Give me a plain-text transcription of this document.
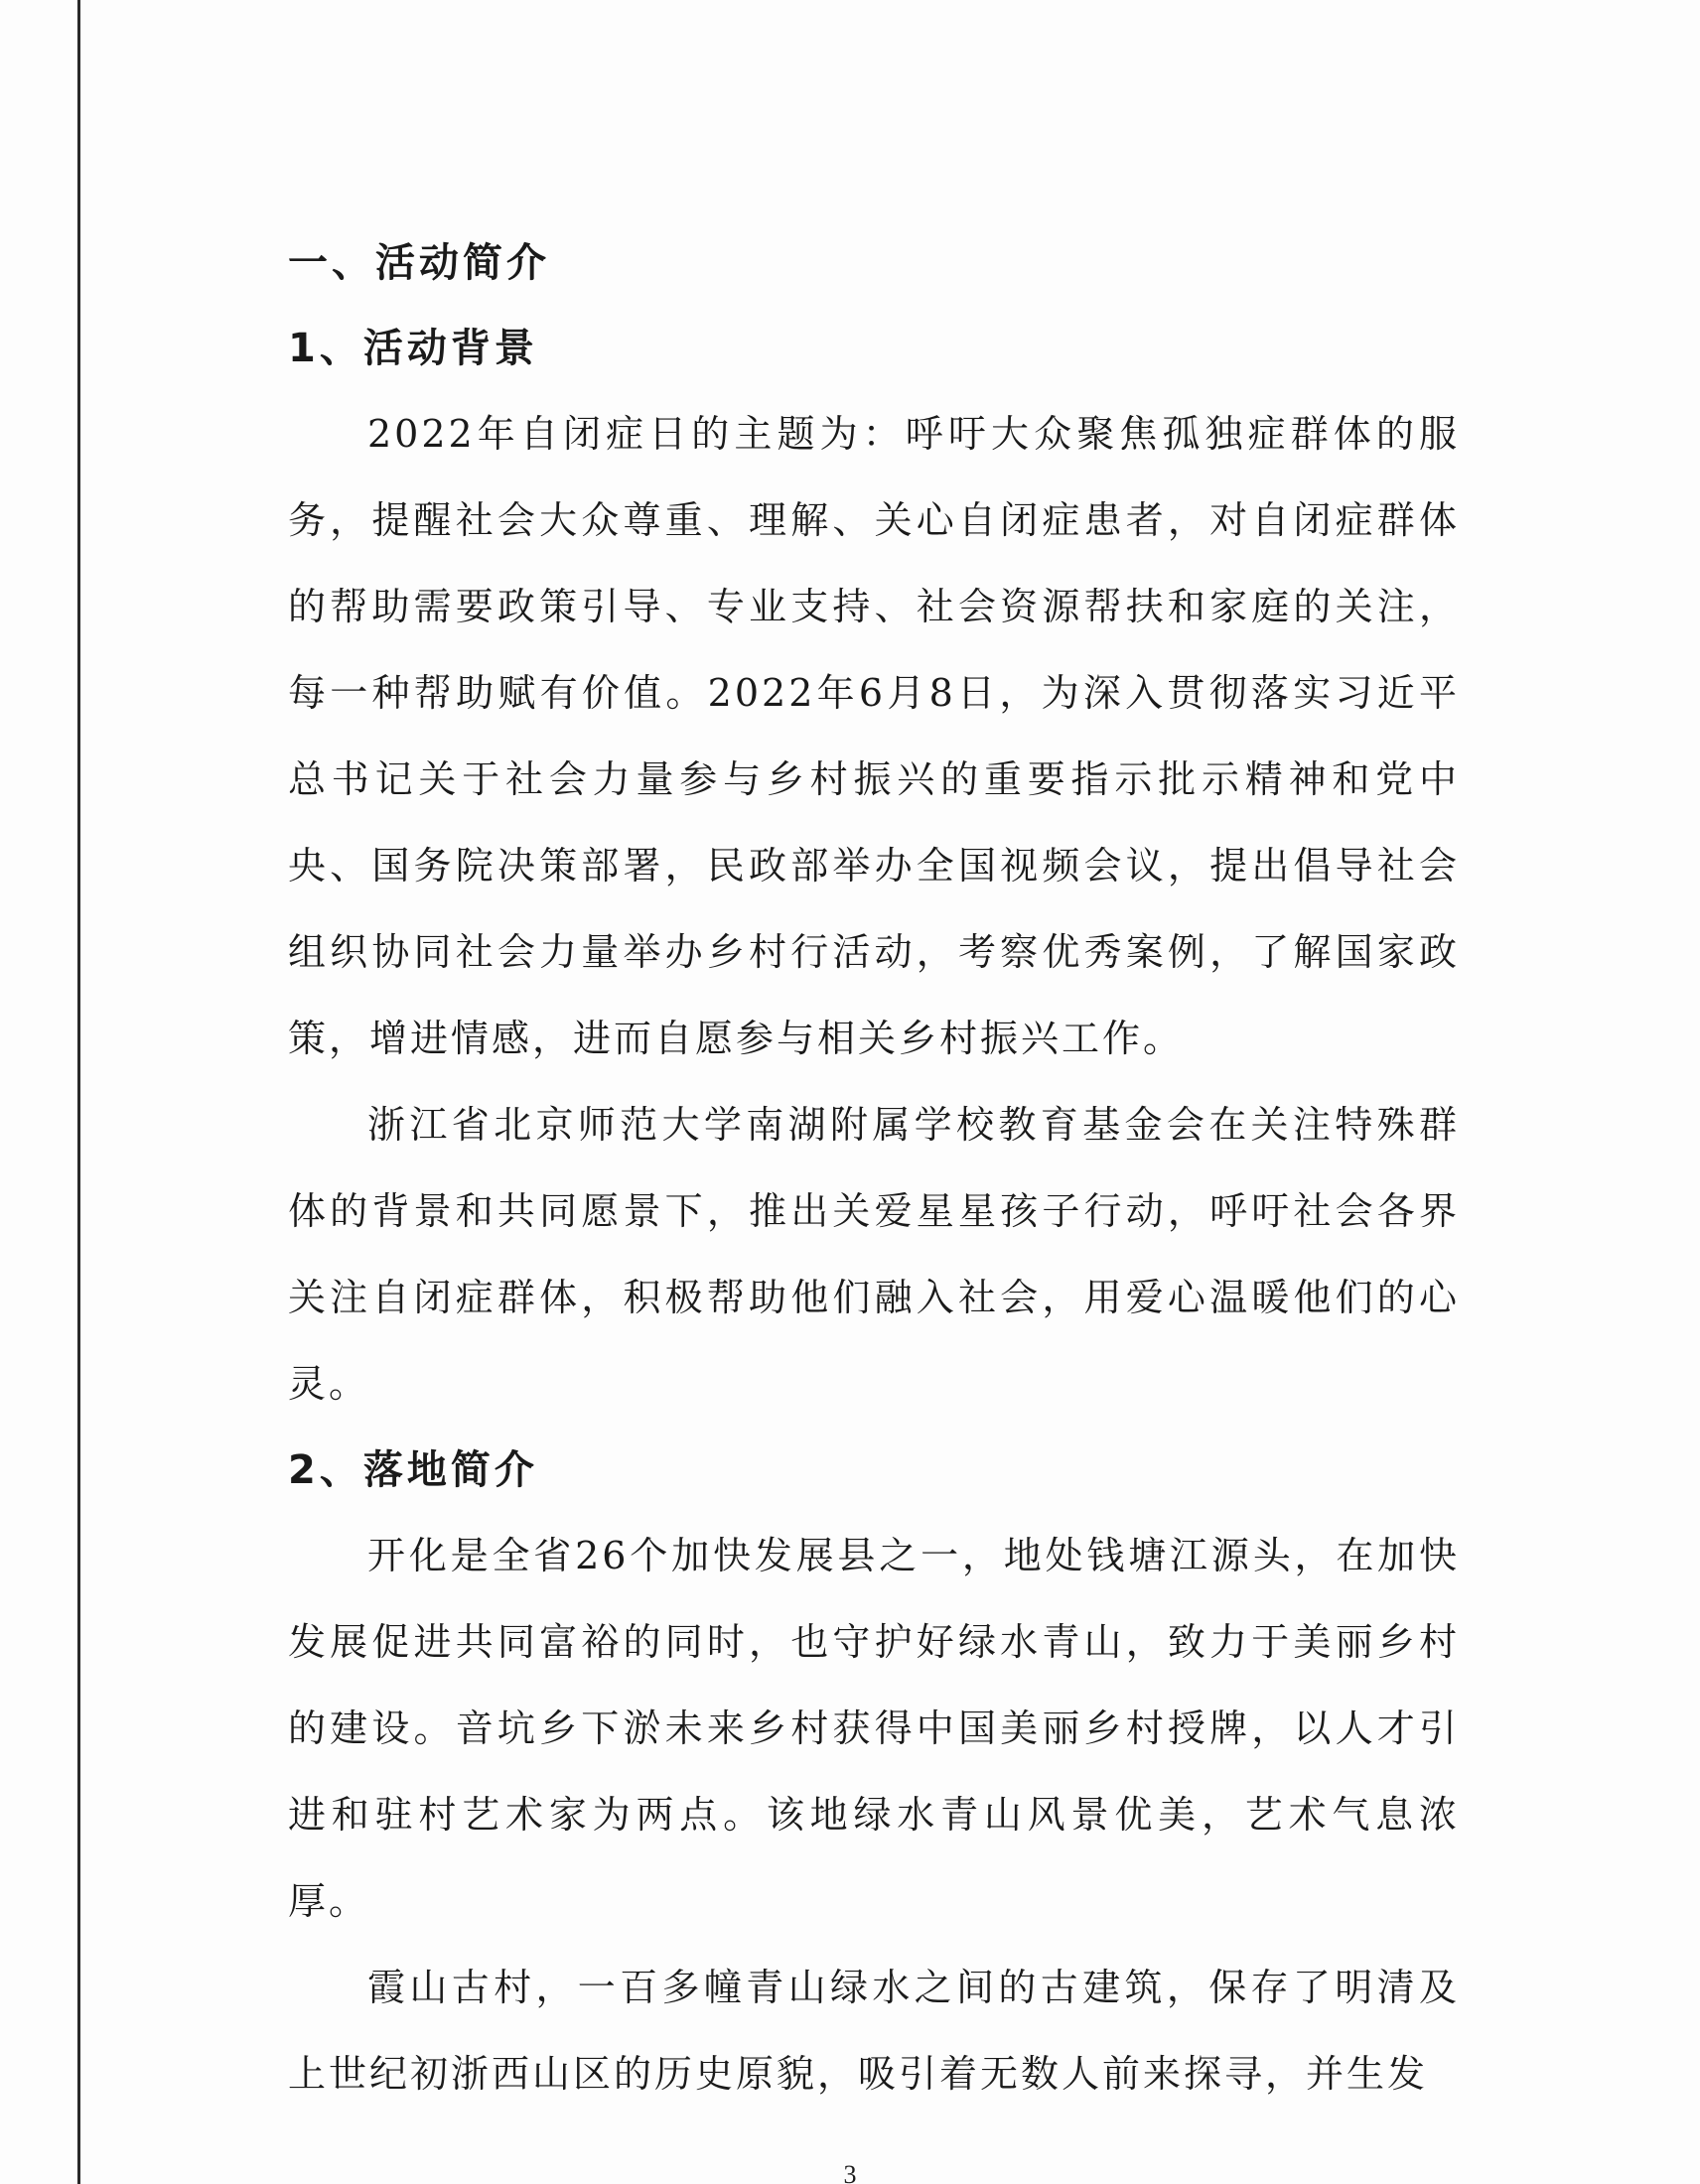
一、活动简介
1、活动背景

2022年自闭症日的主题为：呼吁大众聚焦孤独症群体的服务，提醒社会大众尊重、理解、关心自闭症患者，对自闭症群体的帮助需要政策引导、专业支持、社会资源帮扶和家庭的关注，每一种帮助赋有价值。2022年6月8日，为深入贯彻落实习近平总书记关于社会力量参与乡村振兴的重要指示批示精神和党中央、国务院决策部署，民政部举办全国视频会议，提出倡导社会组织协同社会力量举办乡村行活动，考察优秀案例，了解国家政策，增进情感，进而自愿参与相关乡村振兴工作。

浙江省北京师范大学南湖附属学校教育基金会在关注特殊群体的背景和共同愿景下，推出关爱星星孩子行动，呼吁社会各界关注自闭症群体，积极帮助他们融入社会，用爱心温暖他们的心灵。

2、落地简介

开化是全省26个加快发展县之一，地处钱塘江源头，在加快发展促进共同富裕的同时，也守护好绿水青山，致力于美丽乡村的建设。音坑乡下淤未来乡村获得中国美丽乡村授牌，以人才引进和驻村艺术家为两点。该地绿水青山风景优美，艺术气息浓厚。

霞山古村，一百多幢青山绿水之间的古建筑，保存了明清及上世纪初浙西山区的历史原貌，吸引着无数人前来探寻，并生发

3
